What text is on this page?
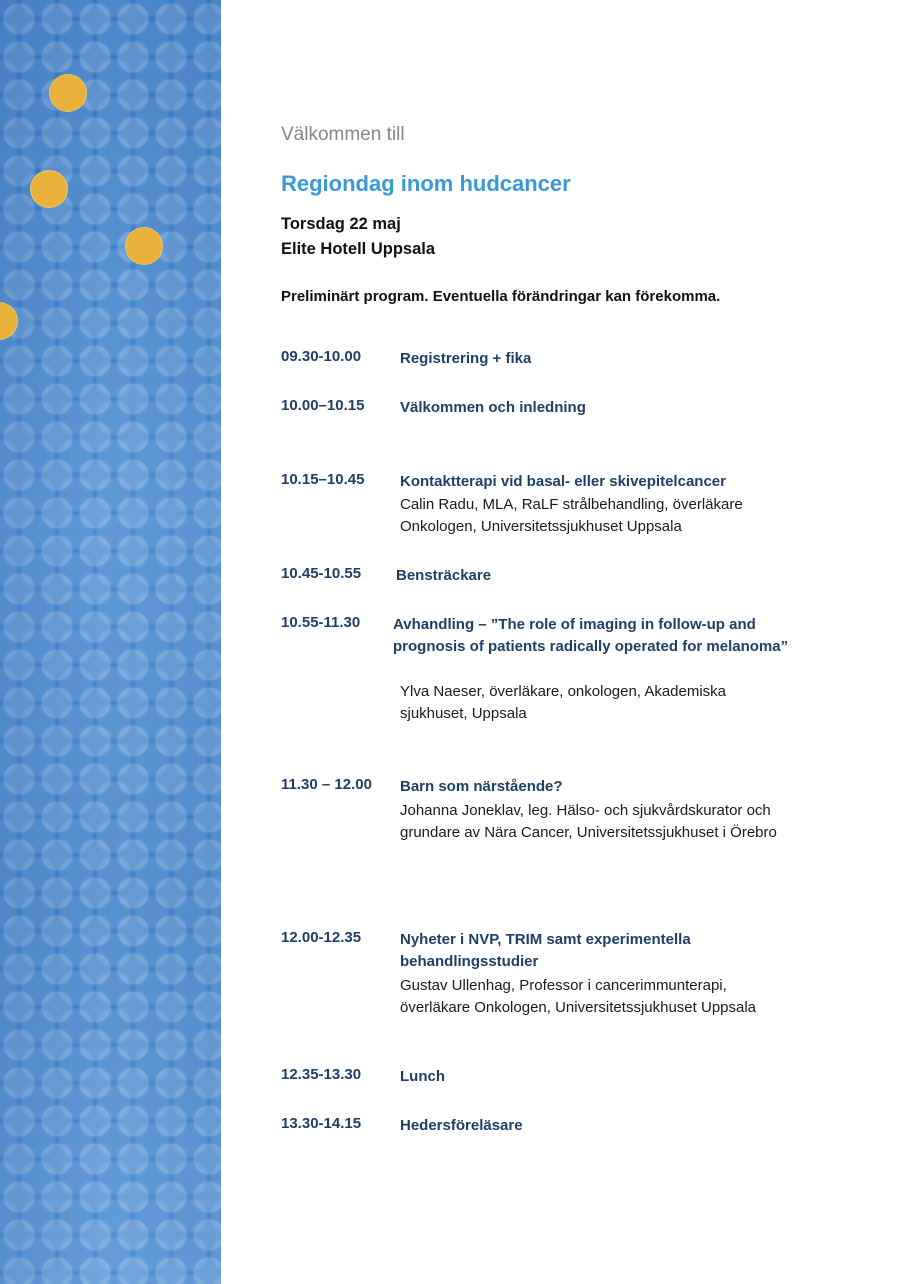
Välkommen till
Regiondag inom hudcancer
Torsdag 22 maj
Elite Hotell Uppsala
Preliminärt program. Eventuella förändringar kan förekomma.
09.30-10.00	Registrering + fika
10.00–10.15 Välkommen och inledning
10.15–10.45 Kontaktterapi vid basal- eller skivepitelcancer
Calin Radu, MLA, RaLF strålbehandling, överläkare Onkologen, Universitetssjukhuset Uppsala
10.45-10.55 Bensträckare
10.55-11.30 Avhandling – ”The role of imaging in follow-up and prognosis of patients radically operated for melanoma”
Ylva Naeser, överläkare, onkologen, Akademiska sjukhuset, Uppsala
11.30 – 12.00 Barn som närstående?
Johanna Joneklav, leg. Hälso- och sjukvårdskurator och grundare av Nära Cancer, Universitetssjukhuset i Örebro
12.00-12.35	Nyheter i NVP, TRIM samt experimentella behandlingsstudier
Gustav Ullenhag, Professor i cancerimmunterapi, överläkare Onkologen, Universitetssjukhuset Uppsala
12.35-13.30	Lunch
13.30-14.15	Hedersföreläsare
